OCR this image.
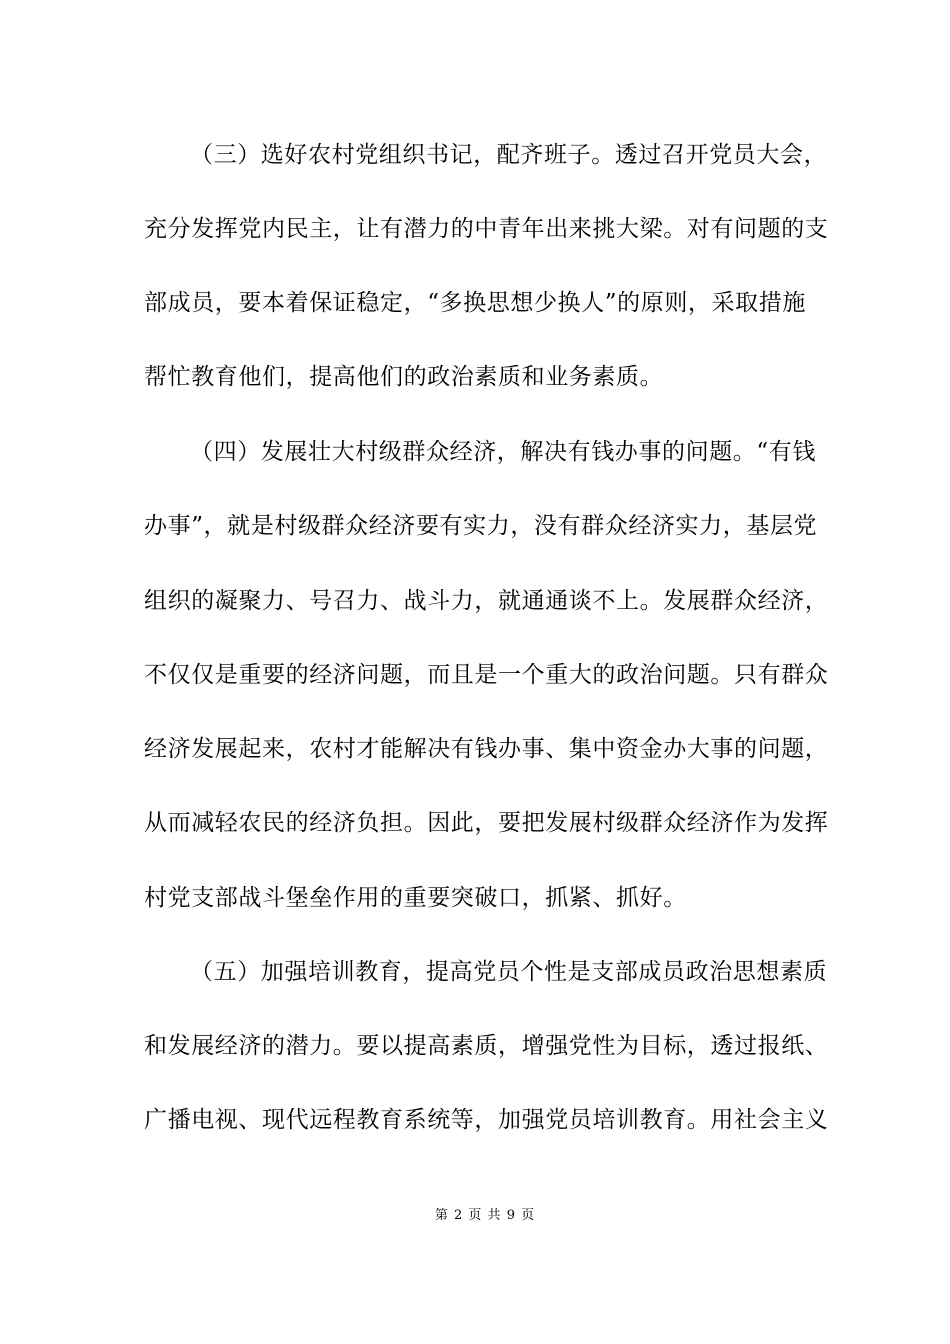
（三）选好农村党组织书记，配齐班子。透过召开党员大会，
充分发挥党内民主，让有潜力的中青年出来挑大梁。对有问题的支
部成员，要本着保证稳定，“多换思想少换人”的原则，采取措施
帮忙教育他们，提高他们的政治素质和业务素质。
（四）发展壮大村级群众经济，解决有钱办事的问题。“有钱
办事”，就是村级群众经济要有实力，没有群众经济实力，基层党
组织的凝聚力、号召力、战斗力，就通通谈不上。发展群众经济，
不仅仅是重要的经济问题，而且是一个重大的政治问题。只有群众
经济发展起来，农村才能解决有钱办事、集中资金办大事的问题，
从而减轻农民的经济负担。因此，要把发展村级群众经济作为发挥
村党支部战斗堡垒作用的重要突破口，抓紧、抓好。
（五）加强培训教育，提高党员个性是支部成员政治思想素质
和发展经济的潜力。要以提高素质，增强党性为目标，透过报纸、
广播电视、现代远程教育系统等，加强党员培训教育。用社会主义
第 2 页 共 9 页
